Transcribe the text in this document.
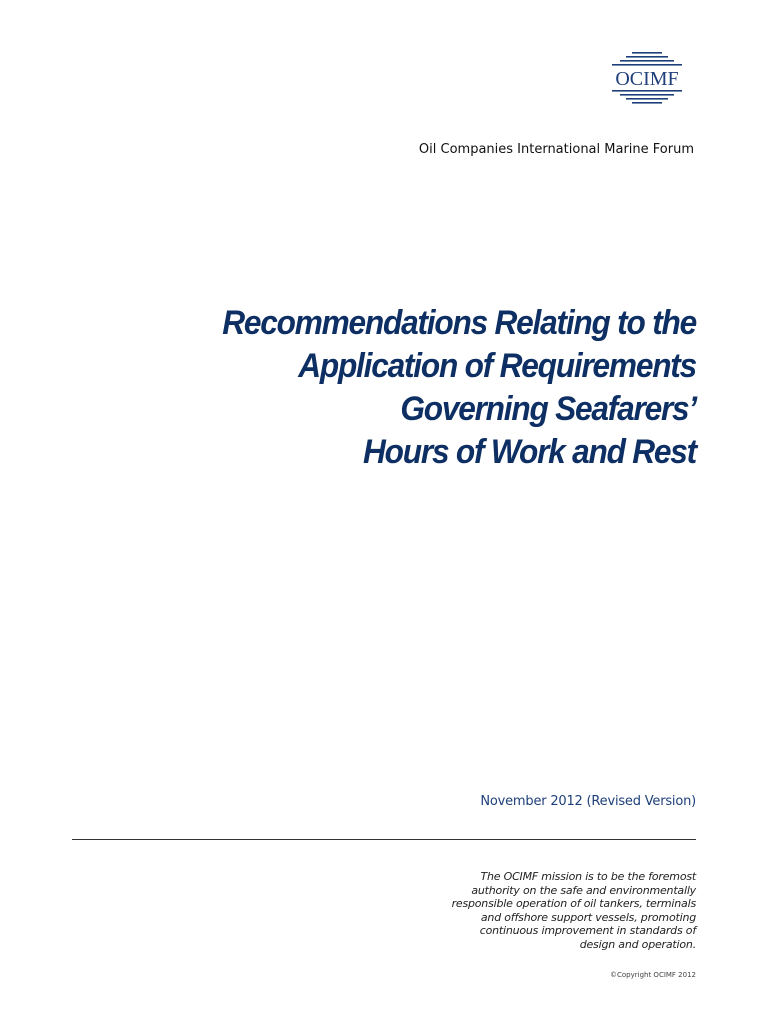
OCIMF
Oil Companies International Marine Forum
Recommendations Relating to the
Application of Requirements
Governing Seafarers’
Hours of Work and Rest
November 2012 (Revised Version)
The OCIMF mission is to be the foremost
authority on the safe and environmentally
responsible operation of oil tankers, terminals
and offshore support vessels, promoting
continuous improvement in standards of
design and operation.
©Copyright OCIMF 2012
